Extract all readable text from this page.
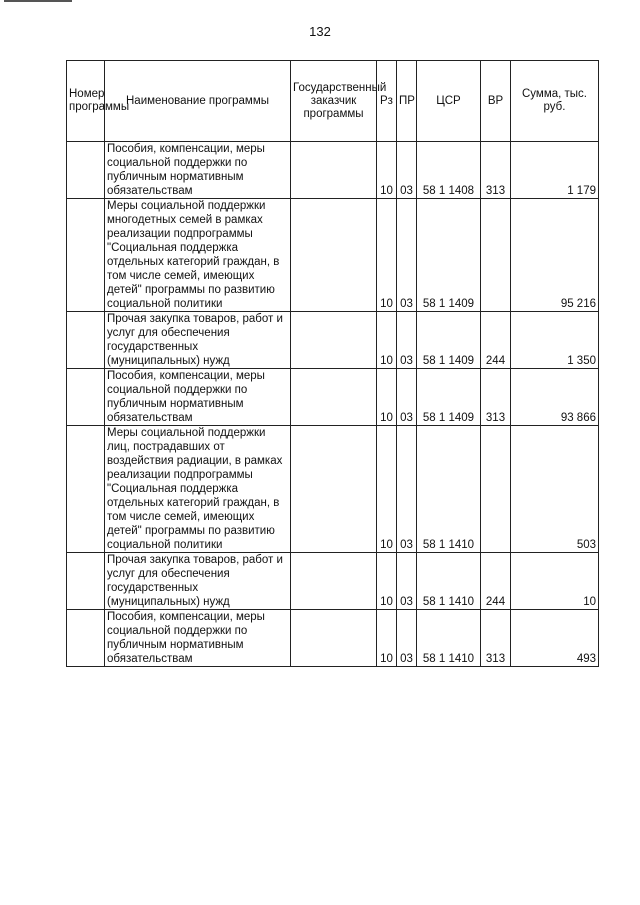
132
Номер программы	Наименование программы	Государственный заказчик программы	Рз	ПР	ЦСР	ВР	Сумма, тыс. руб.
	Пособия, компенсации, меры социальной поддержки по публичным нормативным обязательствам		10	03	58 1 1408	313	1 179
	Меры социальной поддержки многодетных семей в рамках реализации подпрограммы "Социальная поддержка отдельных категорий граждан, в том числе семей, имеющих детей" программы по развитию социальной политики		10	03	58 1 1409		95 216
	Прочая закупка товаров, работ и услуг для обеспечения государственных (муниципальных) нужд		10	03	58 1 1409	244	1 350
	Пособия, компенсации, меры социальной поддержки по публичным нормативным обязательствам		10	03	58 1 1409	313	93 866
	Меры социальной поддержки лиц, пострадавших от воздействия радиации, в рамках реализации подпрограммы "Социальная поддержка отдельных категорий граждан, в том числе семей, имеющих детей" программы по развитию социальной политики		10	03	58 1 1410		503
	Прочая закупка товаров, работ и услуг для обеспечения государственных (муниципальных) нужд		10	03	58 1 1410	244	10
	Пособия, компенсации, меры социальной поддержки по публичным нормативным обязательствам		10	03	58 1 1410	313	493
